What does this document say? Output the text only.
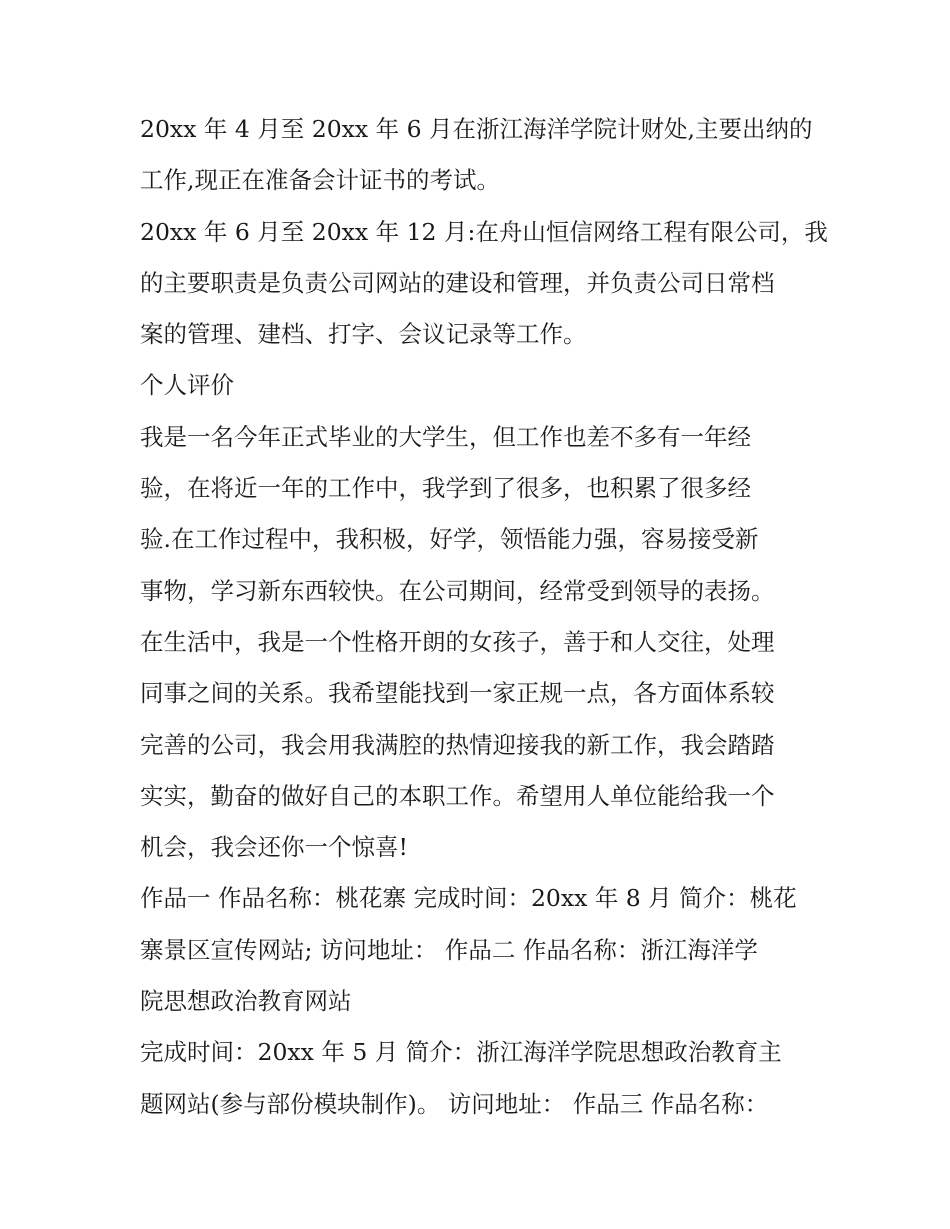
20xx 年 4 月至 20xx 年 6 月在浙江海洋学院计财处,主要出纳的

工作,现正在准备会计证书的考试。

20xx 年 6 月至 20xx 年 12 月:在舟山恒信网络工程有限公司，我

的主要职责是负责公司网站的建设和管理，并负责公司日常档

案的管理、建档、打字、会议记录等工作。

个人评价

我是一名今年正式毕业的大学生，但工作也差不多有一年经

验，在将近一年的工作中，我学到了很多，也积累了很多经

验.在工作过程中，我积极，好学，领悟能力强，容易接受新

事物，学习新东西较快。在公司期间，经常受到领导的表扬。

在生活中，我是一个性格开朗的女孩子，善于和人交往，处理

同事之间的关系。我希望能找到一家正规一点，各方面体系较

完善的公司，我会用我满腔的热情迎接我的新工作，我会踏踏

实实，勤奋的做好自己的本职工作。希望用人单位能给我一个

机会，我会还你一个惊喜!

作品一 作品名称：桃花寨 完成时间：20xx 年 8 月 简介：桃花

寨景区宣传网站; 访问地址： 作品二 作品名称：浙江海洋学

院思想政治教育网站

完成时间：20xx 年 5 月 简介：浙江海洋学院思想政治教育主

题网站(参与部份模块制作)。 访问地址： 作品三 作品名称：
